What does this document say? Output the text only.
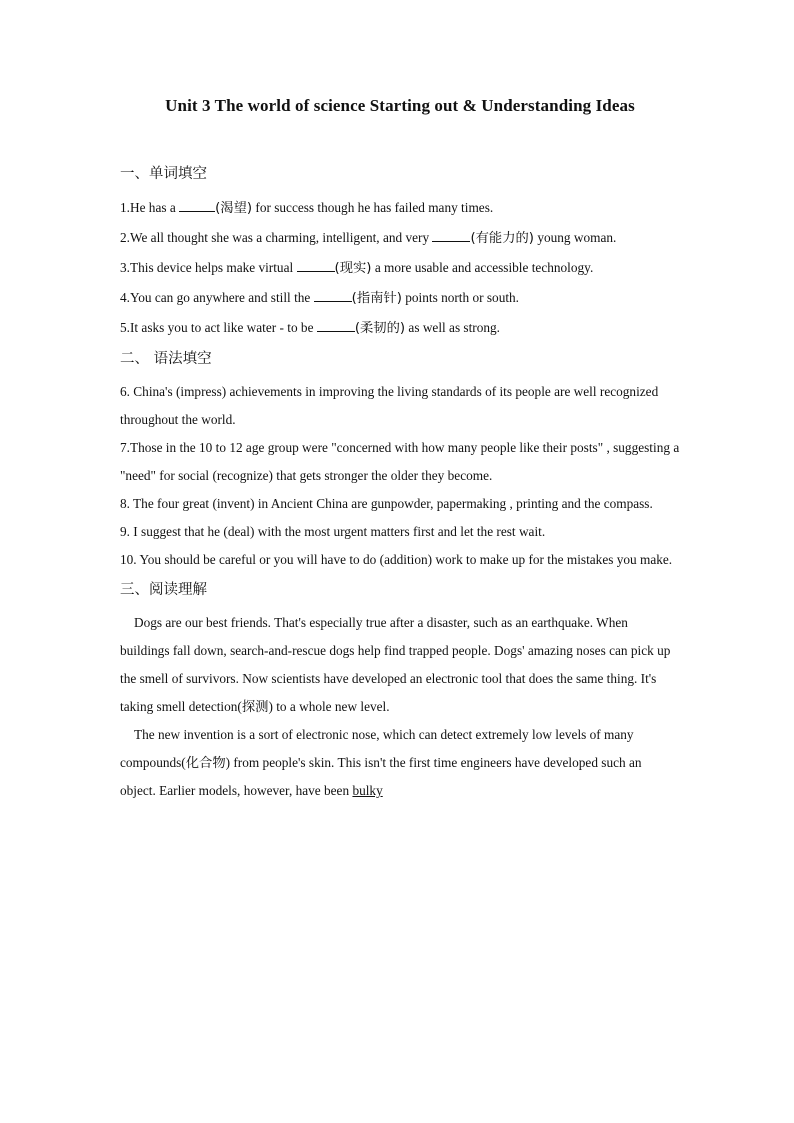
Unit 3 The world of science Starting out & Understanding Ideas
一、单词填空

1.He has a	(渴望) for success though he has failed many times.

2.We all thought she was a charming, intelligent, and very	(有能力的) young woman.

3.This device helps make virtual	(现实) a more usable and accessible technology.

4.You can go anywhere and still the	(指南针) points north or south.

5.It asks you to act like water - to be	(柔韧的) as well as strong.

二、 语法填空

6. China's (impress) achievements in improving the living standards of its people are well recognized throughout the world.

7.Those in the 10 to 12 age group were "concerned with how many people like their posts" , suggesting a "need" for social (recognize) that gets stronger the older they become.

8. The four great (invent) in Ancient China are gunpowder, papermaking , printing and the compass.

9. I suggest that he (deal) with the most urgent matters first and let the rest wait.

10. You should be careful or you will have to do (addition) work to make up for the mistakes you make.

三、阅读理解

Dogs are our best friends. That's especially true after a disaster, such as an earthquake. When buildings fall down, search-and-rescue dogs help find trapped people. Dogs' amazing noses can pick up the smell of survivors. Now scientists have developed an electronic tool that does the same thing. It's taking smell detection(探测) to a whole new level.

The new invention is a sort of electronic nose, which can detect extremely low levels of many compounds(化合物) from people's skin. This isn't the first time engineers have developed such an object. Earlier models, however, have been bulky
